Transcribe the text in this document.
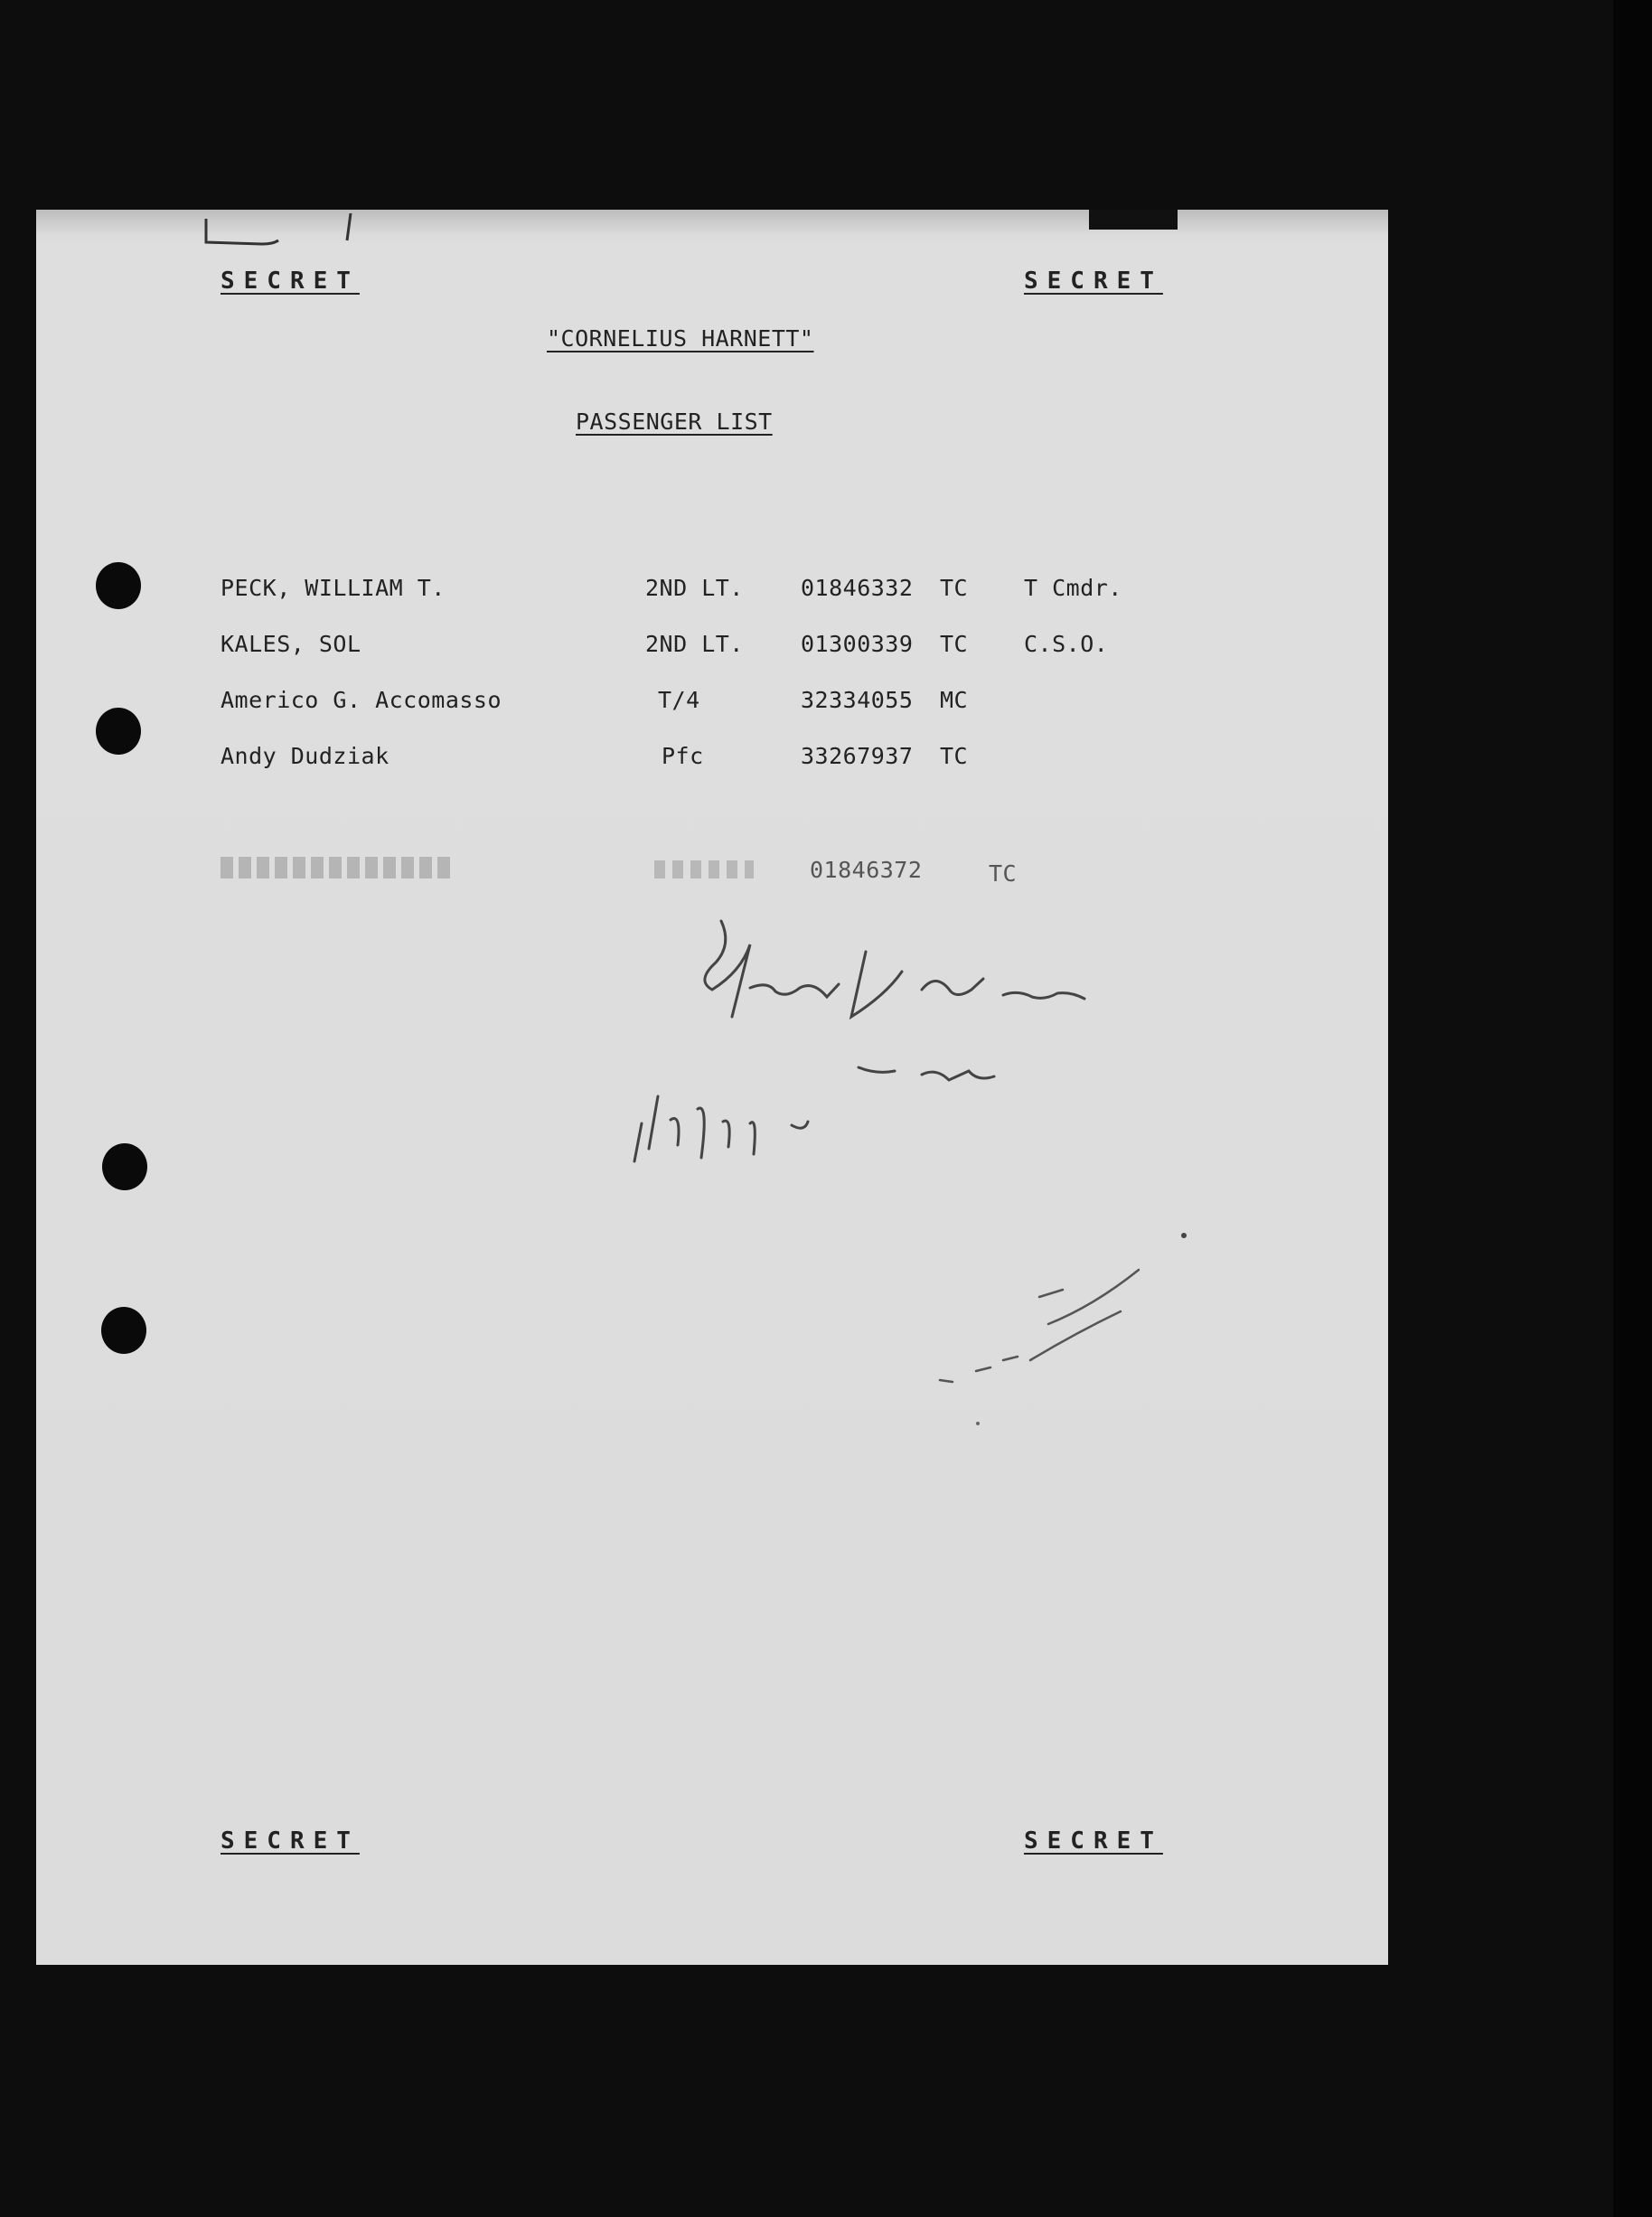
SECRET	SECRET
"CORNELIUS HARNETT"
PASSENGER LIST
PECK, WILLIAM T.	2ND LT.	01846332 TC T Cmdr.
KALES, SOL	2ND LT.	01300339 TC C.S.O.
Americo G. Accomasso	T/4	32334055 MC
Andy Dudziak	Pfc	33267937 TC
01846372	TC
SECRET	SECRET
